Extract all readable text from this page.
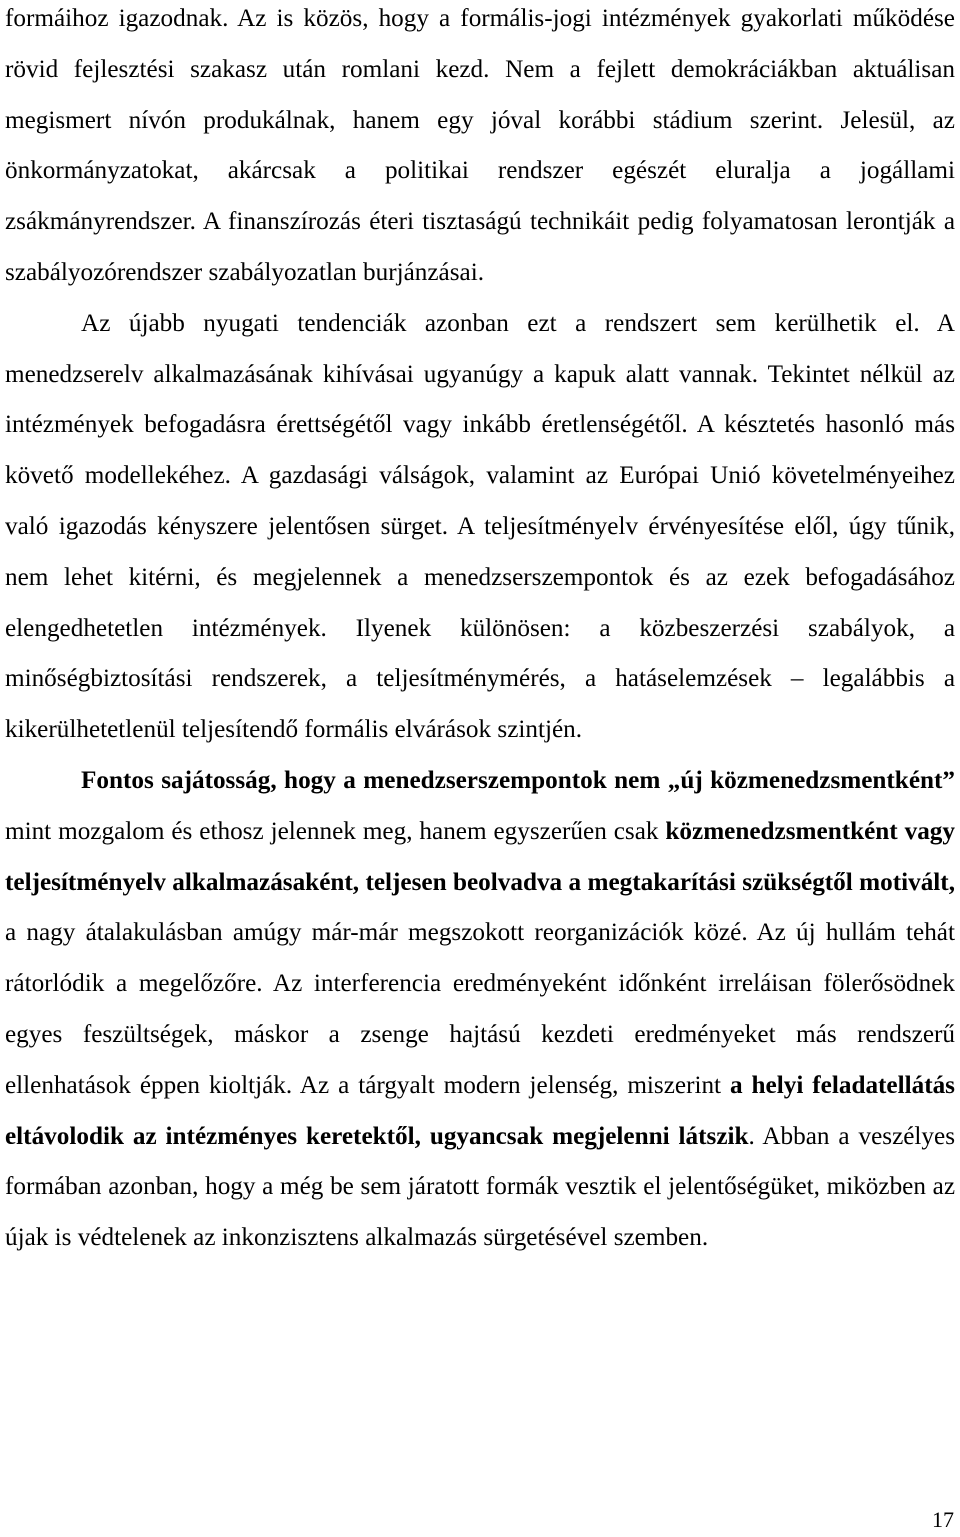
formáihoz igazodnak. Az is közös, hogy a formális-jogi intézmények gyakorlati működése rövid fejlesztési szakasz után romlani kezd. Nem a fejlett demokráciákban aktuálisan megismert nívón produkálnak, hanem egy jóval korábbi stádium szerint. Jelesül, az önkormányzatokat, akárcsak a politikai rendszer egészét eluralja a jogállami zsákmányrendszer. A finanszírozás éteri tisztaságú technikáit pedig folyamatosan lerontják a szabályozórendszer szabályozatlan burjánzásai.

Az újabb nyugati tendenciák azonban ezt a rendszert sem kerülhetik el. A menedzserelv alkalmazásának kihívásai ugyanúgy a kapuk alatt vannak. Tekintet nélkül az intézmények befogadásra érettségétől vagy inkább éretlenségétől. A késztetés hasonló más követő modellekéhez. A gazdasági válságok, valamint az Európai Unió követelményeihez való igazodás kényszere jelentősen sürget. A teljesítményelv érvényesítése elől, úgy tűnik, nem lehet kitérni, és megjelennek a menedzserszempontok és az ezek befogadásához elengedhetetlen intézmények. Ilyenek különösen: a közbeszerzési szabályok, a minőségbiztosítási rendszerek, a teljesítménymérés, a hatáselemzések – legalábbis a kikerülhetetlenül teljesítendő formális elvárások szintjén.

Fontos sajátosság, hogy a menedzserszempontok nem „új közmenedzsmentként” mint mozgalom és ethosz jelennek meg, hanem egyszerűen csak közmenedzsmentként vagy teljesítményelv alkalmazásaként, teljesen beolvadva a megtakarítási szükségtől motivált, a nagy átalakulásban amúgy már-már megszokott reorganizációk közé. Az új hullám tehát rátorlódik a megelőzőre. Az interferencia eredményeként időnként irreláisan fölerősödnek egyes feszültségek, máskor a zsenge hajtású kezdeti eredményeket más rendszerű ellenhatások éppen kioltják. Az a tárgyalt modern jelenség, miszerint a helyi feladatellátás eltávolodik az intézményes keretektől, ugyancsak megjelenni látszik. Abban a veszélyes formában azonban, hogy a még be sem járatott formák vesztik el jelentőségüket, miközben az újak is védtelenek az inkonzisztens alkalmazás sürgetésével szemben.

17
